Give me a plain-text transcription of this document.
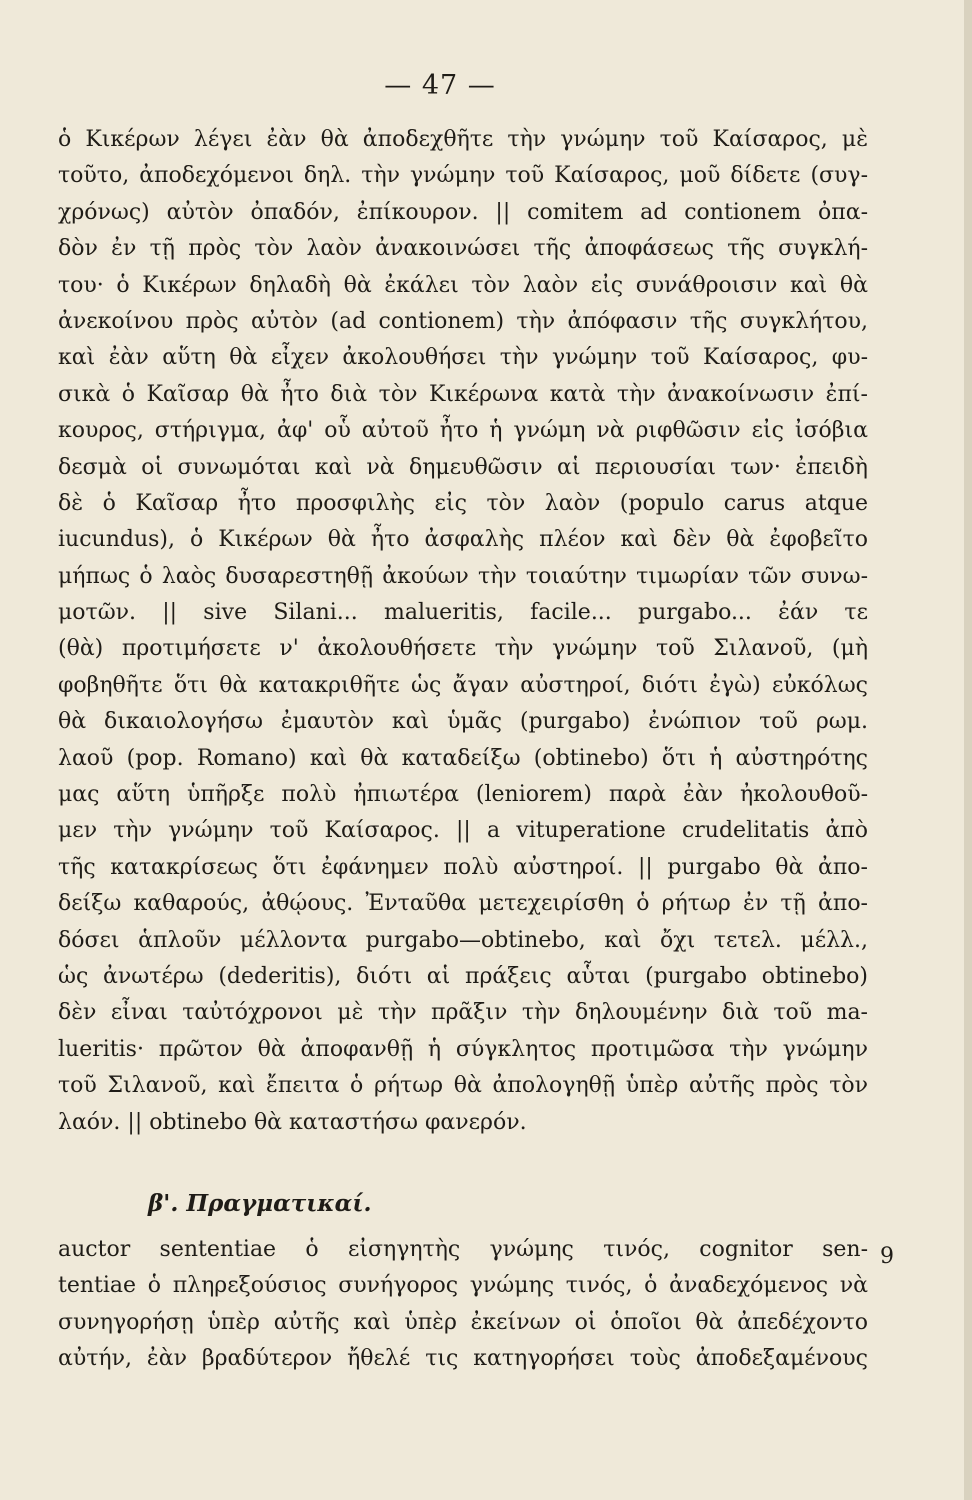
— 47 —
ὁ Κικέρων λέγει ἐὰν θὰ ἀποδεχθῆτε τὴν γνώμην τοῦ Καίσαρος, μὲ
τοῦτο, ἀποδεχόμενοι δηλ. τὴν γνώμην τοῦ Καίσαρος, μοῦ δίδετε (συγ-
χρόνως) αὐτὸν ὀπαδόν, ἐπίκουρον. || comitem ad contionem ὀπα-
δὸν ἐν τῇ πρὸς τὸν λαὸν ἀνακοινώσει τῆς ἀποφάσεως τῆς συγκλή-
του· ὁ Κικέρων δηλαδὴ θὰ ἐκάλει τὸν λαὸν εἰς συνάθροισιν καὶ θὰ
ἀνεκοίνου πρὸς αὐτὸν (ad contionem) τὴν ἀπόφασιν τῆς συγκλήτου,
καὶ ἐὰν αὕτη θὰ εἶχεν ἀκολουθήσει τὴν γνώμην τοῦ Καίσαρος, φυ-
σικὰ ὁ Καῖσαρ θὰ ἦτο διὰ τὸν Κικέρωνα κατὰ τὴν ἀνακοίνωσιν ἐπί-
κουρος, στήριγμα, ἀφ' οὗ αὐτοῦ ἦτο ἡ γνώμη νὰ ριφθῶσιν εἰς ἰσόβια
δεσμὰ οἱ συνωμόται καὶ νὰ δημευθῶσιν αἱ περιουσίαι των· ἐπειδὴ
δὲ ὁ Καῖσαρ ἦτο προσφιλὴς εἰς τὸν λαὸν (populo carus atque
iucundus), ὁ Κικέρων θὰ ἦτο ἀσφαλὴς πλέον καὶ δὲν θὰ ἐφοβεῖτο
μήπως ὁ λαὸς δυσαρεστηθῇ ἀκούων τὴν τοιαύτην τιμωρίαν τῶν συνω-
μοτῶν. || sive Silani... malueritis, facile... purgabo... ἐάν τε
(θὰ) προτιμήσετε ν' ἀκολουθήσετε τὴν γνώμην τοῦ Σιλανοῦ, (μὴ
φοβηθῆτε ὅτι θὰ κατακριθῆτε ὡς ἄγαν αὐστηροί, διότι ἐγὼ) εὐκόλως
θὰ δικαιολογήσω ἐμαυτὸν καὶ ὑμᾶς (purgabo) ἐνώπιον τοῦ ρωμ.
λαοῦ (pop. Romano) καὶ θὰ καταδείξω (obtinebo) ὅτι ἡ αὐστηρότης
μας αὕτη ὑπῆρξε πολὺ ἠπιωτέρα (leniorem) παρὰ ἐὰν ἠκολουθοῦ-
μεν τὴν γνώμην τοῦ Καίσαρος. || a vituperatione crudelitatis ἀπὸ
τῆς κατακρίσεως ὅτι ἐφάνημεν πολὺ αὐστηροί. || purgabo θὰ ἀπο-
δείξω καθαρούς, ἀθῴους. Ἐνταῦθα μετεχειρίσθη ὁ ρήτωρ ἐν τῇ ἀπο-
δόσει ἁπλοῦν μέλλοντα purgabo—obtinebo, καὶ ὄχι τετελ. μέλλ.,
ὡς ἀνωτέρω (dederitis), διότι αἱ πράξεις αὗται (purgabo obtinebo)
δὲν εἶναι ταὐτόχρονοι μὲ τὴν πρᾶξιν τὴν δηλουμένην διὰ τοῦ ma-
lueritis· πρῶτον θὰ ἀποφανθῇ ἡ σύγκλητος προτιμῶσα τὴν γνώμην
τοῦ Σιλανοῦ, καὶ ἔπειτα ὁ ρήτωρ θὰ ἀπολογηθῇ ὑπὲρ αὐτῆς πρὸς τὸν
λαόν. || obtinebo θὰ καταστήσω φανερόν.
β'. Πραγματικαί.
auctor sententiae ὁ εἰσηγητὴς γνώμης τινός, cognitor sen-
tentiae ὁ πληρεξούσιος συνήγορος γνώμης τινός, ὁ ἀναδεχόμενος νὰ
συνηγορήσῃ ὑπὲρ αὐτῆς καὶ ὑπὲρ ἐκείνων οἱ ὁποῖοι θὰ ἀπεδέχοντο
αὐτήν, ἐὰν βραδύτερον ἤθελέ τις κατηγορήσει τοὺς ἀποδεξαμένους
9
